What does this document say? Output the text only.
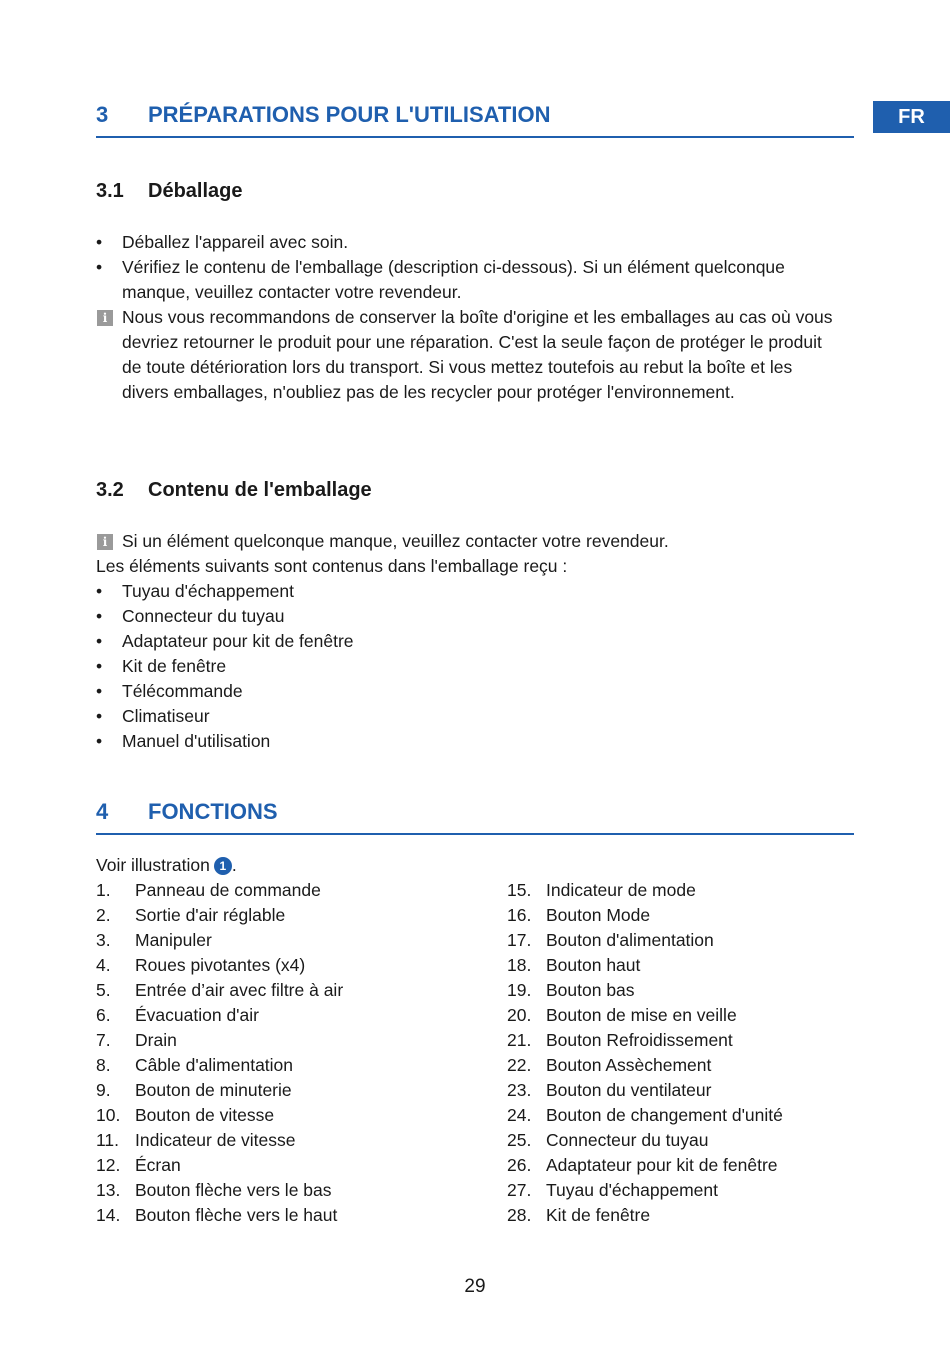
3 PRÉPARATIONS POUR L'UTILISATION	FR
3.1 Déballage
•	Déballez l'appareil avec soin.
•	Vérifiez le contenu de l'emballage (description ci-dessous). Si un élément quelconque manque, veuillez contacter votre revendeur.
i Nous vous recommandons de conserver la boîte d'origine et les emballages au cas où vous devriez retourner le produit pour une réparation. C'est la seule façon de protéger le produit de toute détérioration lors du transport. Si vous mettez toutefois au rebut la boîte et les divers emballages, n'oubliez pas de les recycler pour protéger l'environnement.
3.2 Contenu de l'emballage
i Si un élément quelconque manque, veuillez contacter votre revendeur.
Les éléments suivants sont contenus dans l'emballage reçu :
•	Tuyau d'échappement
•	Connecteur du tuyau
•	Adaptateur pour kit de fenêtre
•	Kit de fenêtre
•	Télécommande
•	Climatiseur
•	Manuel d'utilisation
4 FONCTIONS
Voir illustration 1 .
1. Panneau de commande
2. Sortie d'air réglable
3. Manipuler
4. Roues pivotantes (x4)
5. Entrée d’air avec filtre à air
6. Évacuation d'air
7. Drain
8. Câble d'alimentation
9. Bouton de minuterie
10. Bouton de vitesse
11. Indicateur de vitesse
12. Écran
13. Bouton flèche vers le bas
14. Bouton flèche vers le haut
15. Indicateur de mode
16. Bouton Mode
17. Bouton d'alimentation
18. Bouton haut
19. Bouton bas
20. Bouton de mise en veille
21. Bouton Refroidissement
22. Bouton Assèchement
23. Bouton du ventilateur
24. Bouton de changement d'unité
25. Connecteur du tuyau
26. Adaptateur pour kit de fenêtre
27. Tuyau d'échappement
28. Kit de fenêtre
29
